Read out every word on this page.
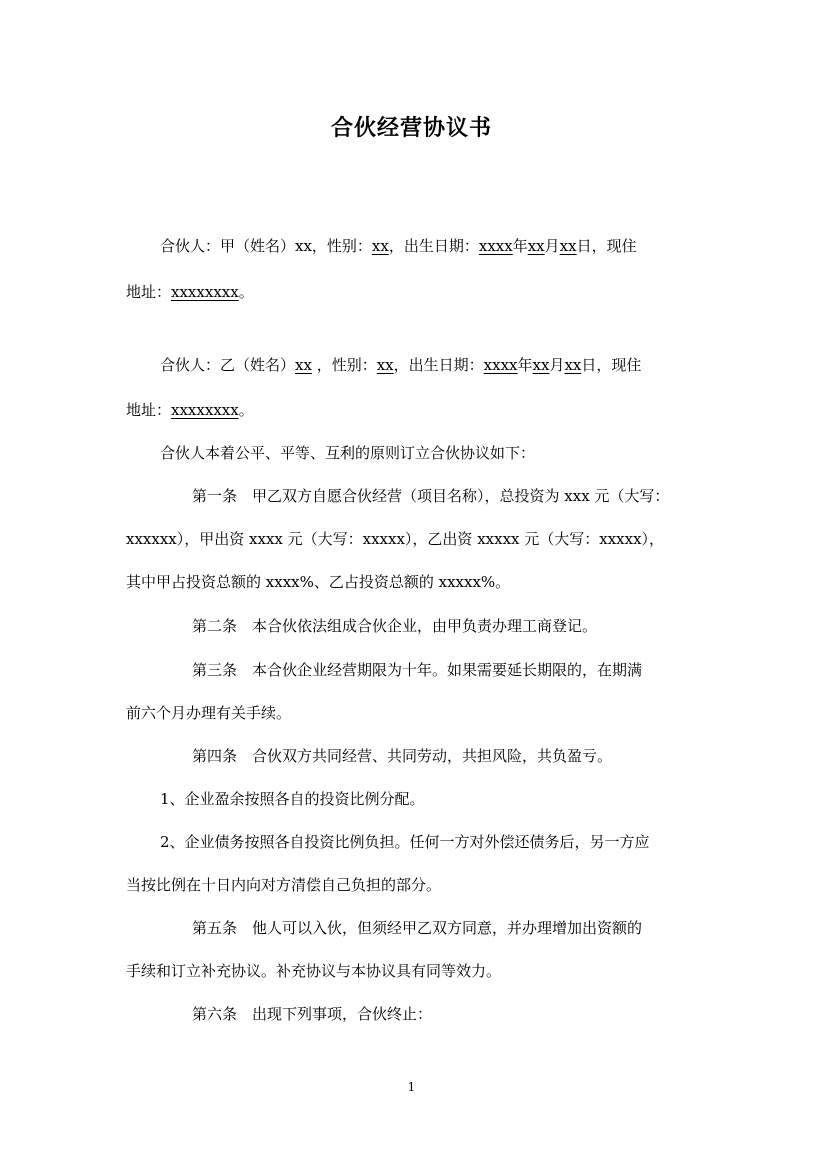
合伙经营协议书
合伙人：甲（姓名）xx，性别：xx，出生日期：xxxx年xx月xx日，现住
地址：xxxxxxxx。
合伙人：乙（姓名）xx ，性别：xx，出生日期：xxxx年xx月xx日，现住
地址：xxxxxxxx。
合伙人本着公平、平等、互利的原则订立合伙协议如下：
第一条　甲乙双方自愿合伙经营（项目名称），总投资为 xxx 元（大写：
xxxxxx），甲出资 xxxx 元（大写：xxxxx），乙出资 xxxxx 元（大写：xxxxx），
其中甲占投资总额的 xxxx%、乙占投资总额的 xxxxx%。
第二条　本合伙依法组成合伙企业，由甲负责办理工商登记。
第三条　本合伙企业经营期限为十年。如果需要延长期限的，在期满
前六个月办理有关手续。
第四条　合伙双方共同经营、共同劳动，共担风险，共负盈亏。
1、企业盈余按照各自的投资比例分配。
2、企业债务按照各自投资比例负担。任何一方对外偿还债务后，另一方应
当按比例在十日内向对方清偿自己负担的部分。
第五条　他人可以入伙，但须经甲乙双方同意，并办理增加出资额的
手续和订立补充协议。补充协议与本协议具有同等效力。
第六条　出现下列事项，合伙终止：
1
